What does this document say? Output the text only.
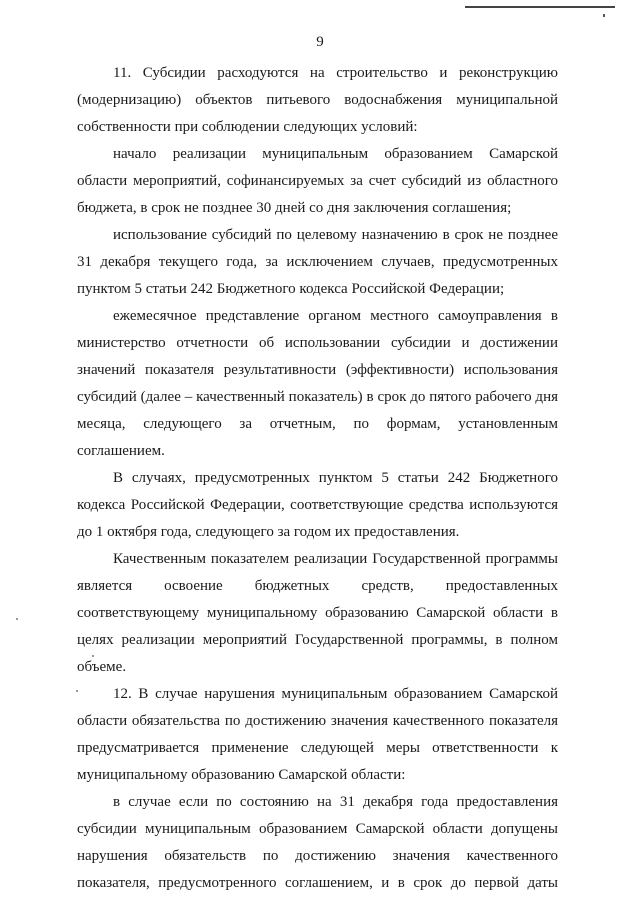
9

11. Субсидии расходуются на строительство и реконструкцию (модернизацию) объектов питьевого водоснабжения муниципальной собственности при соблюдении следующих условий:

начало реализации муниципальным образованием Самарской области мероприятий, софинансируемых за счет субсидий из областного бюджета, в срок не позднее 30 дней со дня заключения соглашения;

использование субсидий по целевому назначению в срок не позднее 31 декабря текущего года, за исключением случаев, предусмотренных пунктом 5 статьи 242 Бюджетного кодекса Российской Федерации;

ежемесячное представление органом местного самоуправления в министерство отчетности об использовании субсидии и достижении значений показателя результативности (эффективности) использования субсидий (далее – качественный показатель) в срок до пятого рабочего дня месяца, следующего за отчетным, по формам, установленным соглашением.

В случаях, предусмотренных пунктом 5 статьи 242 Бюджетного кодекса Российской Федерации, соответствующие средства используются до 1 октября года, следующего за годом их предоставления.

Качественным показателем реализации Государственной программы является освоение бюджетных средств, предоставленных соответствующему муниципальному образованию Самарской области в целях реализации мероприятий Государственной программы, в полном объеме.

12. В случае нарушения муниципальным образованием Самарской области обязательства по достижению значения качественного показателя предусматривается применение следующей меры ответственности к муниципальному образованию Самарской области:

в случае если по состоянию на 31 декабря года предоставления субсидии муниципальным образованием Самарской области допущены нарушения обязательств по достижению значения качественного показателя, предусмотренного соглашением, и в срок до первой даты
